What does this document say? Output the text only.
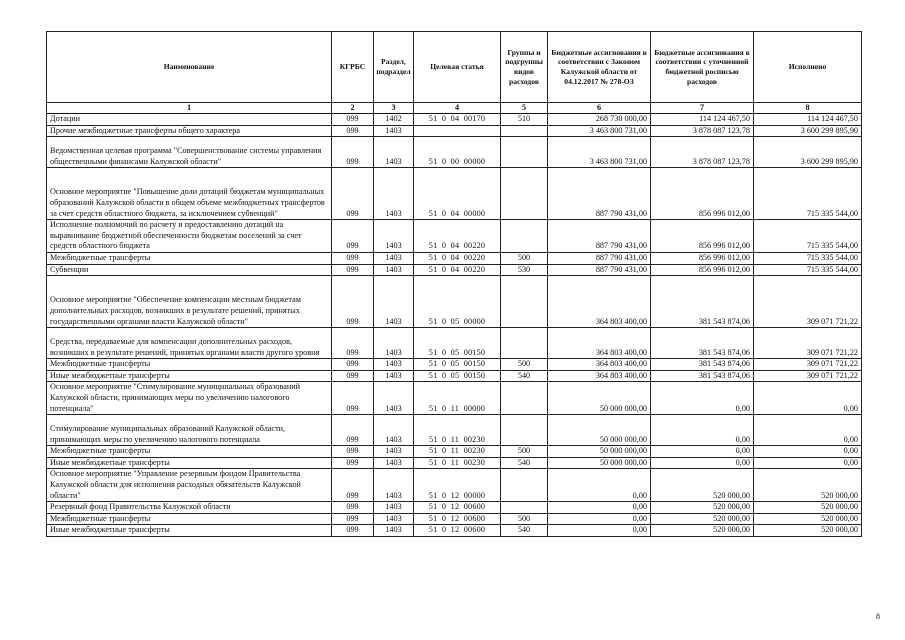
Наименование	КГРБС	Раздел, подраздел	Целевая статья	Группы и подгруппы видов расходов	Бюджетные ассигнования в соответствии с Законом Калужской области от 04.12.2017 № 278-ОЗ	Бюджетные ассигнования в соответствии с уточненной бюджетной росписью расходов	Исполнено
1	2	3	4	5	6	7	8
Дотации	099	1402	51  0  04  00170	510	268 730 000,00	114 124 467,50	114 124 467,50
Прочие межбюджетные трансферты общего характера	099	1403			3 463 800 731,00	3 878 087 123,78	3 600 299 895,90
Ведомственная целевая программа "Совершенствование системы управления общественными финансами Калужской области"	099	1403	51  0  00  00000		3 463 800 731,00	3 878 087 123,78	3 600 299 895,90
Основное мероприятие "Повышение доли дотаций бюджетам муниципальных образований Калужской области в общем объеме межбюджетных трансфертов за счет средств областного бюджета, за исключением субвенций"	099	1403	51  0  04  00000		887 790 431,00	856 996 012,00	715 335 544,00
Исполнение полномочий по расчету и предоставлению дотаций на выравнивание бюджетной обеспеченности бюджетам поселений за счет средств областного бюджета	099	1403	51  0  04  00220		887 790 431,00	856 996 012,00	715 335 544,00
Межбюджетные трансферты	099	1403	51  0  04  00220	500	887 790 431,00	856 996 012,00	715 335 544,00
Субвенции	099	1403	51  0  04  00220	530	887 790 431,00	856 996 012,00	715 335 544,00
Основное мероприятие "Обеспечение компенсации местным бюджетам дополнительных расходов, возникших в результате решений, принятых государственными органами власти Калужской области"	099	1403	51  0  05  00000		364 803 400,00	381 543 874,06	309 071 721,22
Средства, передаваемые для компенсации дополнительных расходов, возникших в результате решений, принятых органами власти другого уровня	099	1403	51  0  05  00150		364 803 400,00	381 543 874,06	309 071 721,22
Межбюджетные трансферты	099	1403	51  0  05  00150	500	364 803 400,00	381 543 874,06	309 071 721,22
Иные межбюджетные трансферты	099	1403	51  0  05  00150	540	364 803 400,00	381 543 874,06	309 071 721,22
Основное мероприятие "Стимулирование муниципальных образований Калужской области, принимающих меры по увеличению налогового потенциала"	099	1403	51  0  11  00000		50 000 000,00	0,00	0,00
Стимулирование муниципальных образований Калужской области, принимающих меры по увеличению налогового потенциала	099	1403	51  0  11  00230		50 000 000,00	0,00	0,00
Межбюджетные трансферты	099	1403	51  0  11  00230	500	50 000 000,00	0,00	0,00
Иные межбюджетные трансферты	099	1403	51  0  11  00230	540	50 000 000,00	0,00	0,00
Основное мероприятие "Управление резервным фондом Правительства Калужской области для исполнения расходных обязательств Калужской области"	099	1403	51  0  12  00000		0,00	520 000,00	520 000,00
Резервный фонд Правительства Калужской области	099	1403	51  0  12  00600		0,00	520 000,00	520 000,00
Межбюджетные трансферты	099	1403	51  0  12  00600	500	0,00	520 000,00	520 000,00
Иные межбюджетные трансферты	099	1403	51  0  12  00600	540	0,00	520 000,00	520 000,00
8
